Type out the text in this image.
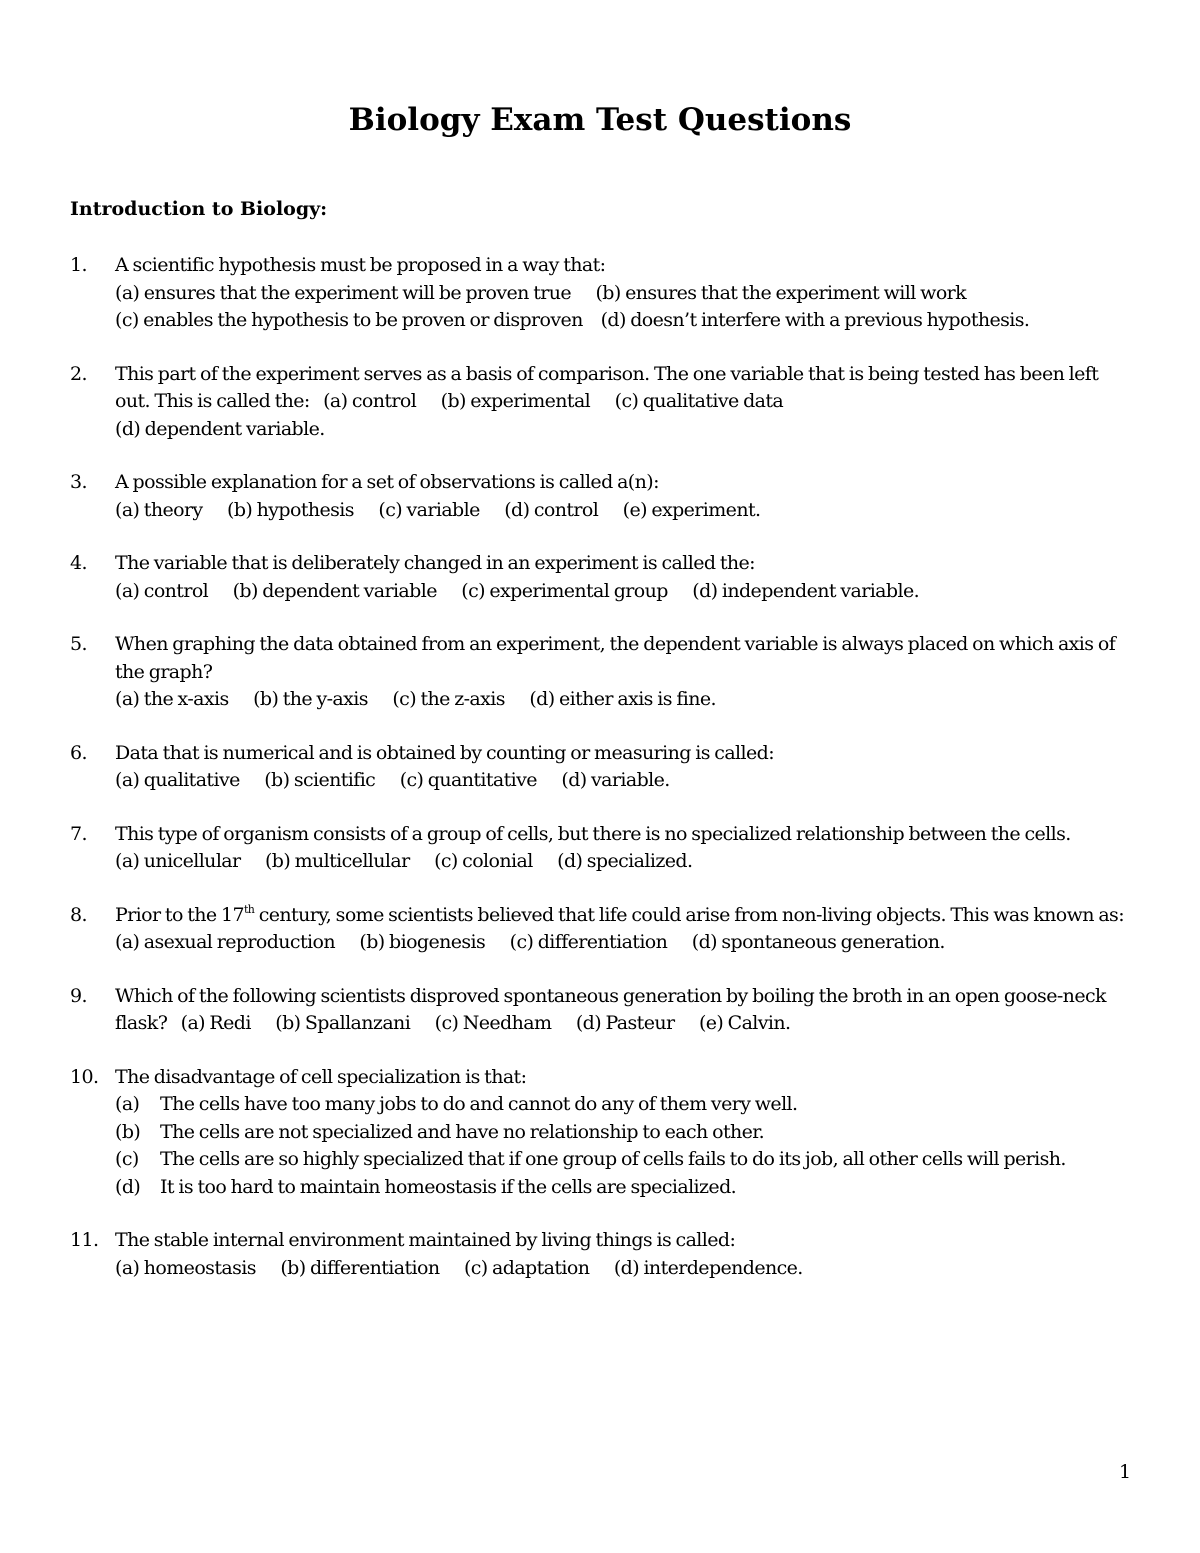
Biology Exam Test Questions
Introduction to Biology:
1.	A scientific hypothesis must be proposed in a way that:
(a) ensures that the experiment will be proven true (b) ensures that the experiment will work
(c) enables the hypothesis to be proven or disproven (d) doesn’t interfere with a previous hypothesis.
2.	This part of the experiment serves as a basis of comparison. The one variable that is being tested has been left out. This is called the: (a) control (b) experimental (c) qualitative data
(d) dependent variable.
3.	A possible explanation for a set of observations is called a(n):
(a) theory (b) hypothesis (c) variable (d) control (e) experiment.
4.	The variable that is deliberately changed in an experiment is called the:
(a) control (b) dependent variable (c) experimental group (d) independent variable.
5.	When graphing the data obtained from an experiment, the dependent variable is always placed on which axis of the graph?
(a) the x-axis (b) the y-axis (c) the z-axis (d) either axis is fine.
6.	Data that is numerical and is obtained by counting or measuring is called:
(a) qualitative (b) scientific (c) quantitative (d) variable.
7.	This type of organism consists of a group of cells, but there is no specialized relationship between the cells.
(a) unicellular (b) multicellular (c) colonial (d) specialized.
8.	Prior to the 17th century, some scientists believed that life could arise from non-living objects. This was known as:
(a) asexual reproduction (b) biogenesis (c) differentiation (d) spontaneous generation.
9.	Which of the following scientists disproved spontaneous generation by boiling the broth in an open goose-neck flask? (a) Redi (b) Spallanzani (c) Needham (d) Pasteur (e) Calvin.
10. The disadvantage of cell specialization is that:
(a) The cells have too many jobs to do and cannot do any of them very well.
(b) The cells are not specialized and have no relationship to each other.
(c) The cells are so highly specialized that if one group of cells fails to do its job, all other cells will perish.
(d) It is too hard to maintain homeostasis if the cells are specialized.
11. The stable internal environment maintained by living things is called:
(a) homeostasis (b) differentiation (c) adaptation (d) interdependence.
1
